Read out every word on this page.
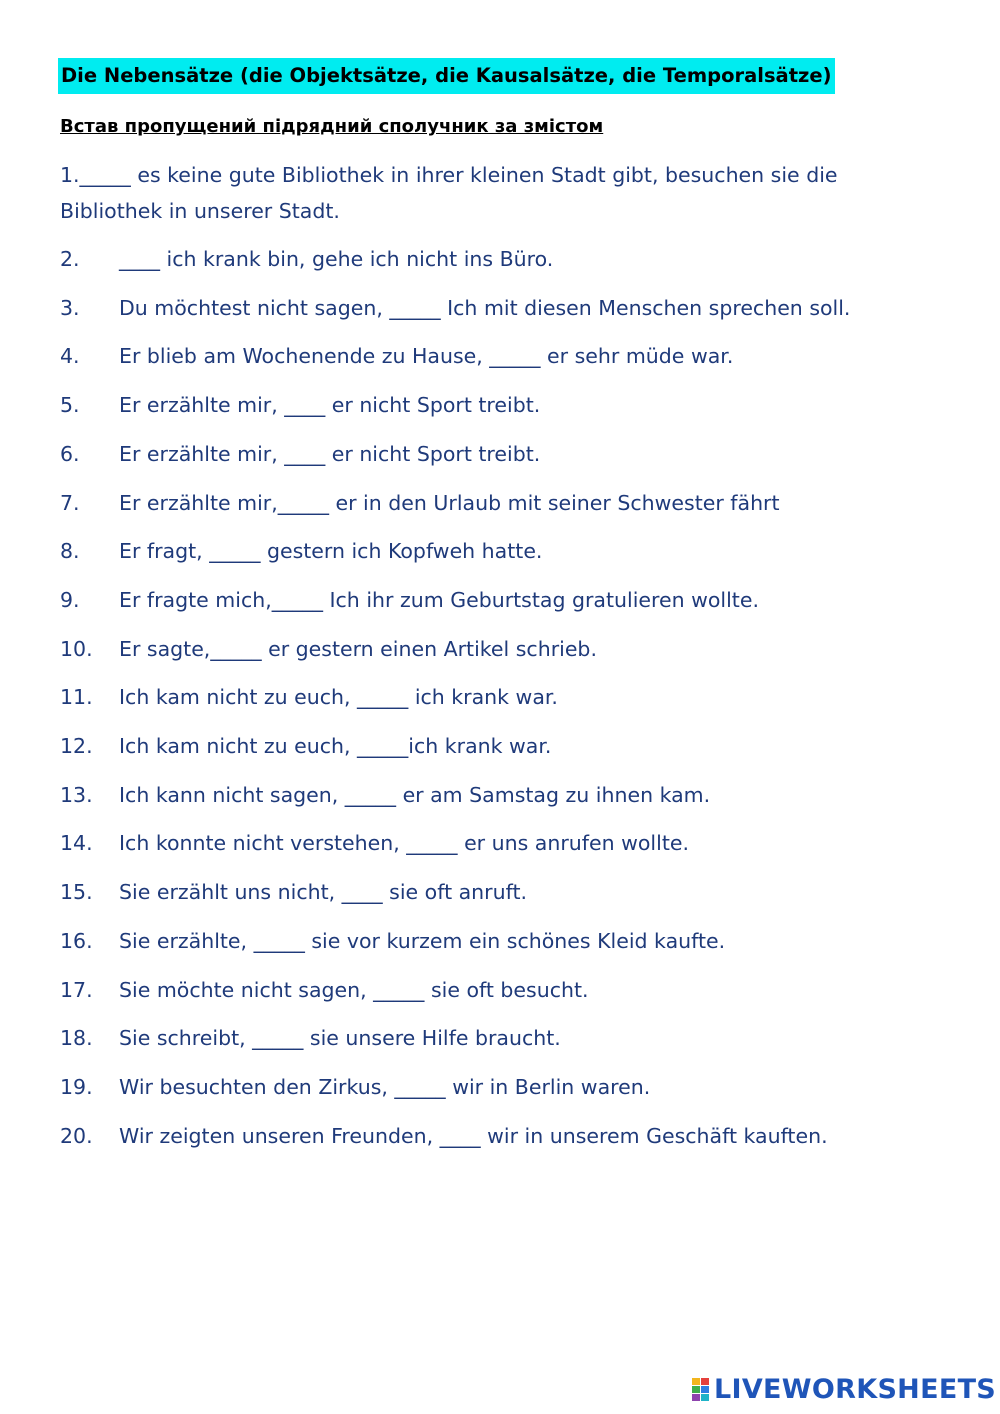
Die Nebensätze (die Objektsätze, die Kausalsätze, die Temporalsätze)
Встав пропущений підрядний сполучник за змістом
1._____ es keine gute Bibliothek in ihrer kleinen Stadt gibt, besuchen sie die
Bibliothek in unserer Stadt.
2. ____ ich krank bin, gehe ich nicht ins Büro.
3. Du möchtest nicht sagen, _____ Ich mit diesen Menschen sprechen soll.
4. Er blieb am Wochenende zu Hause, _____ er sehr müde war.
5. Er erzählte mir, ____ er nicht Sport treibt.
6. Er erzählte mir, ____ er nicht Sport treibt.
7. Er erzählte mir,_____ er in den Urlaub mit seiner Schwester fährt
8. Er fragt, _____ gestern ich Kopfweh hatte.
9. Er fragte mich,_____ Ich ihr zum Geburtstag gratulieren wollte.
10. Er sagte,_____ er gestern einen Artikel schrieb.
11. Ich kam nicht zu euch, _____ ich krank war.
12. Ich kam nicht zu euch, _____ich krank war.
13. Ich kann nicht sagen, _____ er am Samstag zu ihnen kam.
14. Ich konnte nicht verstehen, _____ er uns anrufen wollte.
15. Sie erzählt uns nicht, ____ sie oft anruft.
16. Sie erzählte, _____ sie vor kurzem ein schönes Kleid kaufte.
17. Sie möchte nicht sagen, _____ sie oft besucht.
18. Sie schreibt, _____ sie unsere Hilfe braucht.
19. Wir besuchten den Zirkus, _____ wir in Berlin waren.
20. Wir zeigten unseren Freunden, ____ wir in unserem Geschäft kauften.
LIVEWORKSHEETS
